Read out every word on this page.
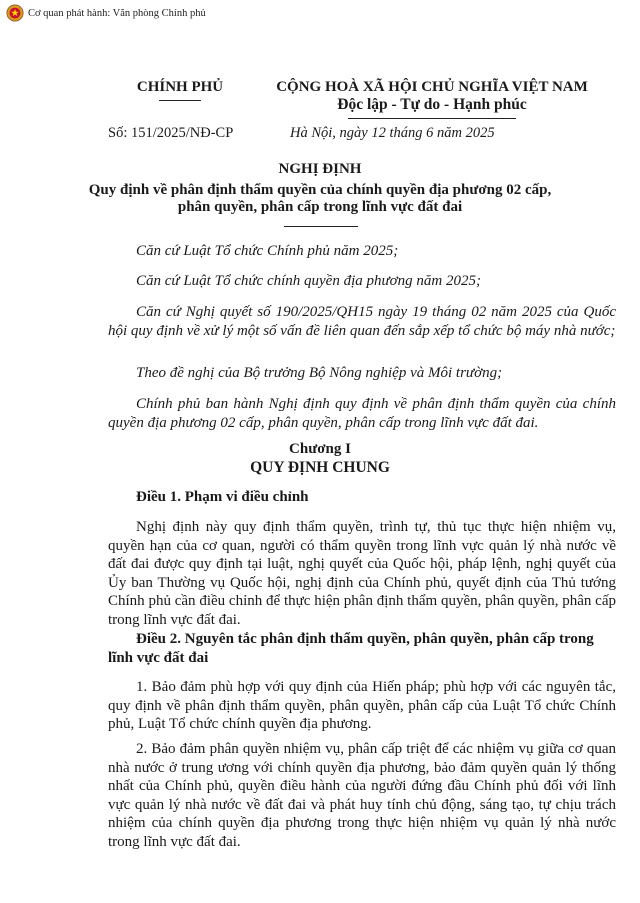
Cơ quan phát hành: Văn phòng Chính phủ
CHÍNH PHỦ	CỘNG HOÀ XÃ HỘI CHỦ NGHĨA VIỆT NAM
Độc lập - Tự do - Hạnh phúc
Số: 151/2025/NĐ-CP	Hà Nội, ngày 12 tháng 6 năm 2025
NGHỊ ĐỊNH
Quy định về phân định thẩm quyền của chính quyền địa phương 02 cấp,
phân quyền, phân cấp trong lĩnh vực đất đai
Căn cứ Luật Tổ chức Chính phủ năm 2025;
Căn cứ Luật Tổ chức chính quyền địa phương năm 2025;
Căn cứ Nghị quyết số 190/2025/QH15 ngày 19 tháng 02 năm 2025 của Quốc hội quy định về xử lý một số vấn đề liên quan đến sắp xếp tổ chức bộ máy nhà nước;
Theo đề nghị của Bộ trưởng Bộ Nông nghiệp và Môi trường;
Chính phủ ban hành Nghị định quy định về phân định thẩm quyền của chính quyền địa phương 02 cấp, phân quyền, phân cấp trong lĩnh vực đất đai.
Chương I
QUY ĐỊNH CHUNG
Điều 1. Phạm vi điều chỉnh
Nghị định này quy định thẩm quyền, trình tự, thủ tục thực hiện nhiệm vụ, quyền hạn của cơ quan, người có thẩm quyền trong lĩnh vực quản lý nhà nước về đất đai được quy định tại luật, nghị quyết của Quốc hội, pháp lệnh, nghị quyết của Ủy ban Thường vụ Quốc hội, nghị định của Chính phủ, quyết định của Thủ tướng Chính phủ cần điều chỉnh để thực hiện phân định thẩm quyền, phân quyền, phân cấp trong lĩnh vực đất đai.
Điều 2. Nguyên tắc phân định thẩm quyền, phân quyền, phân cấp trong lĩnh vực đất đai
1. Bảo đảm phù hợp với quy định của Hiến pháp; phù hợp với các nguyên tắc, quy định về phân định thẩm quyền, phân quyền, phân cấp của Luật Tổ chức Chính phủ, Luật Tổ chức chính quyền địa phương.
2. Bảo đảm phân quyền nhiệm vụ, phân cấp triệt để các nhiệm vụ giữa cơ quan nhà nước ở trung ương với chính quyền địa phương, bảo đảm quyền quản lý thống nhất của Chính phủ, quyền điều hành của người đứng đầu Chính phủ đối với lĩnh vực quản lý nhà nước về đất đai và phát huy tính chủ động, sáng tạo, tự chịu trách nhiệm của chính quyền địa phương trong thực hiện nhiệm vụ quản lý nhà nước trong lĩnh vực đất đai.
